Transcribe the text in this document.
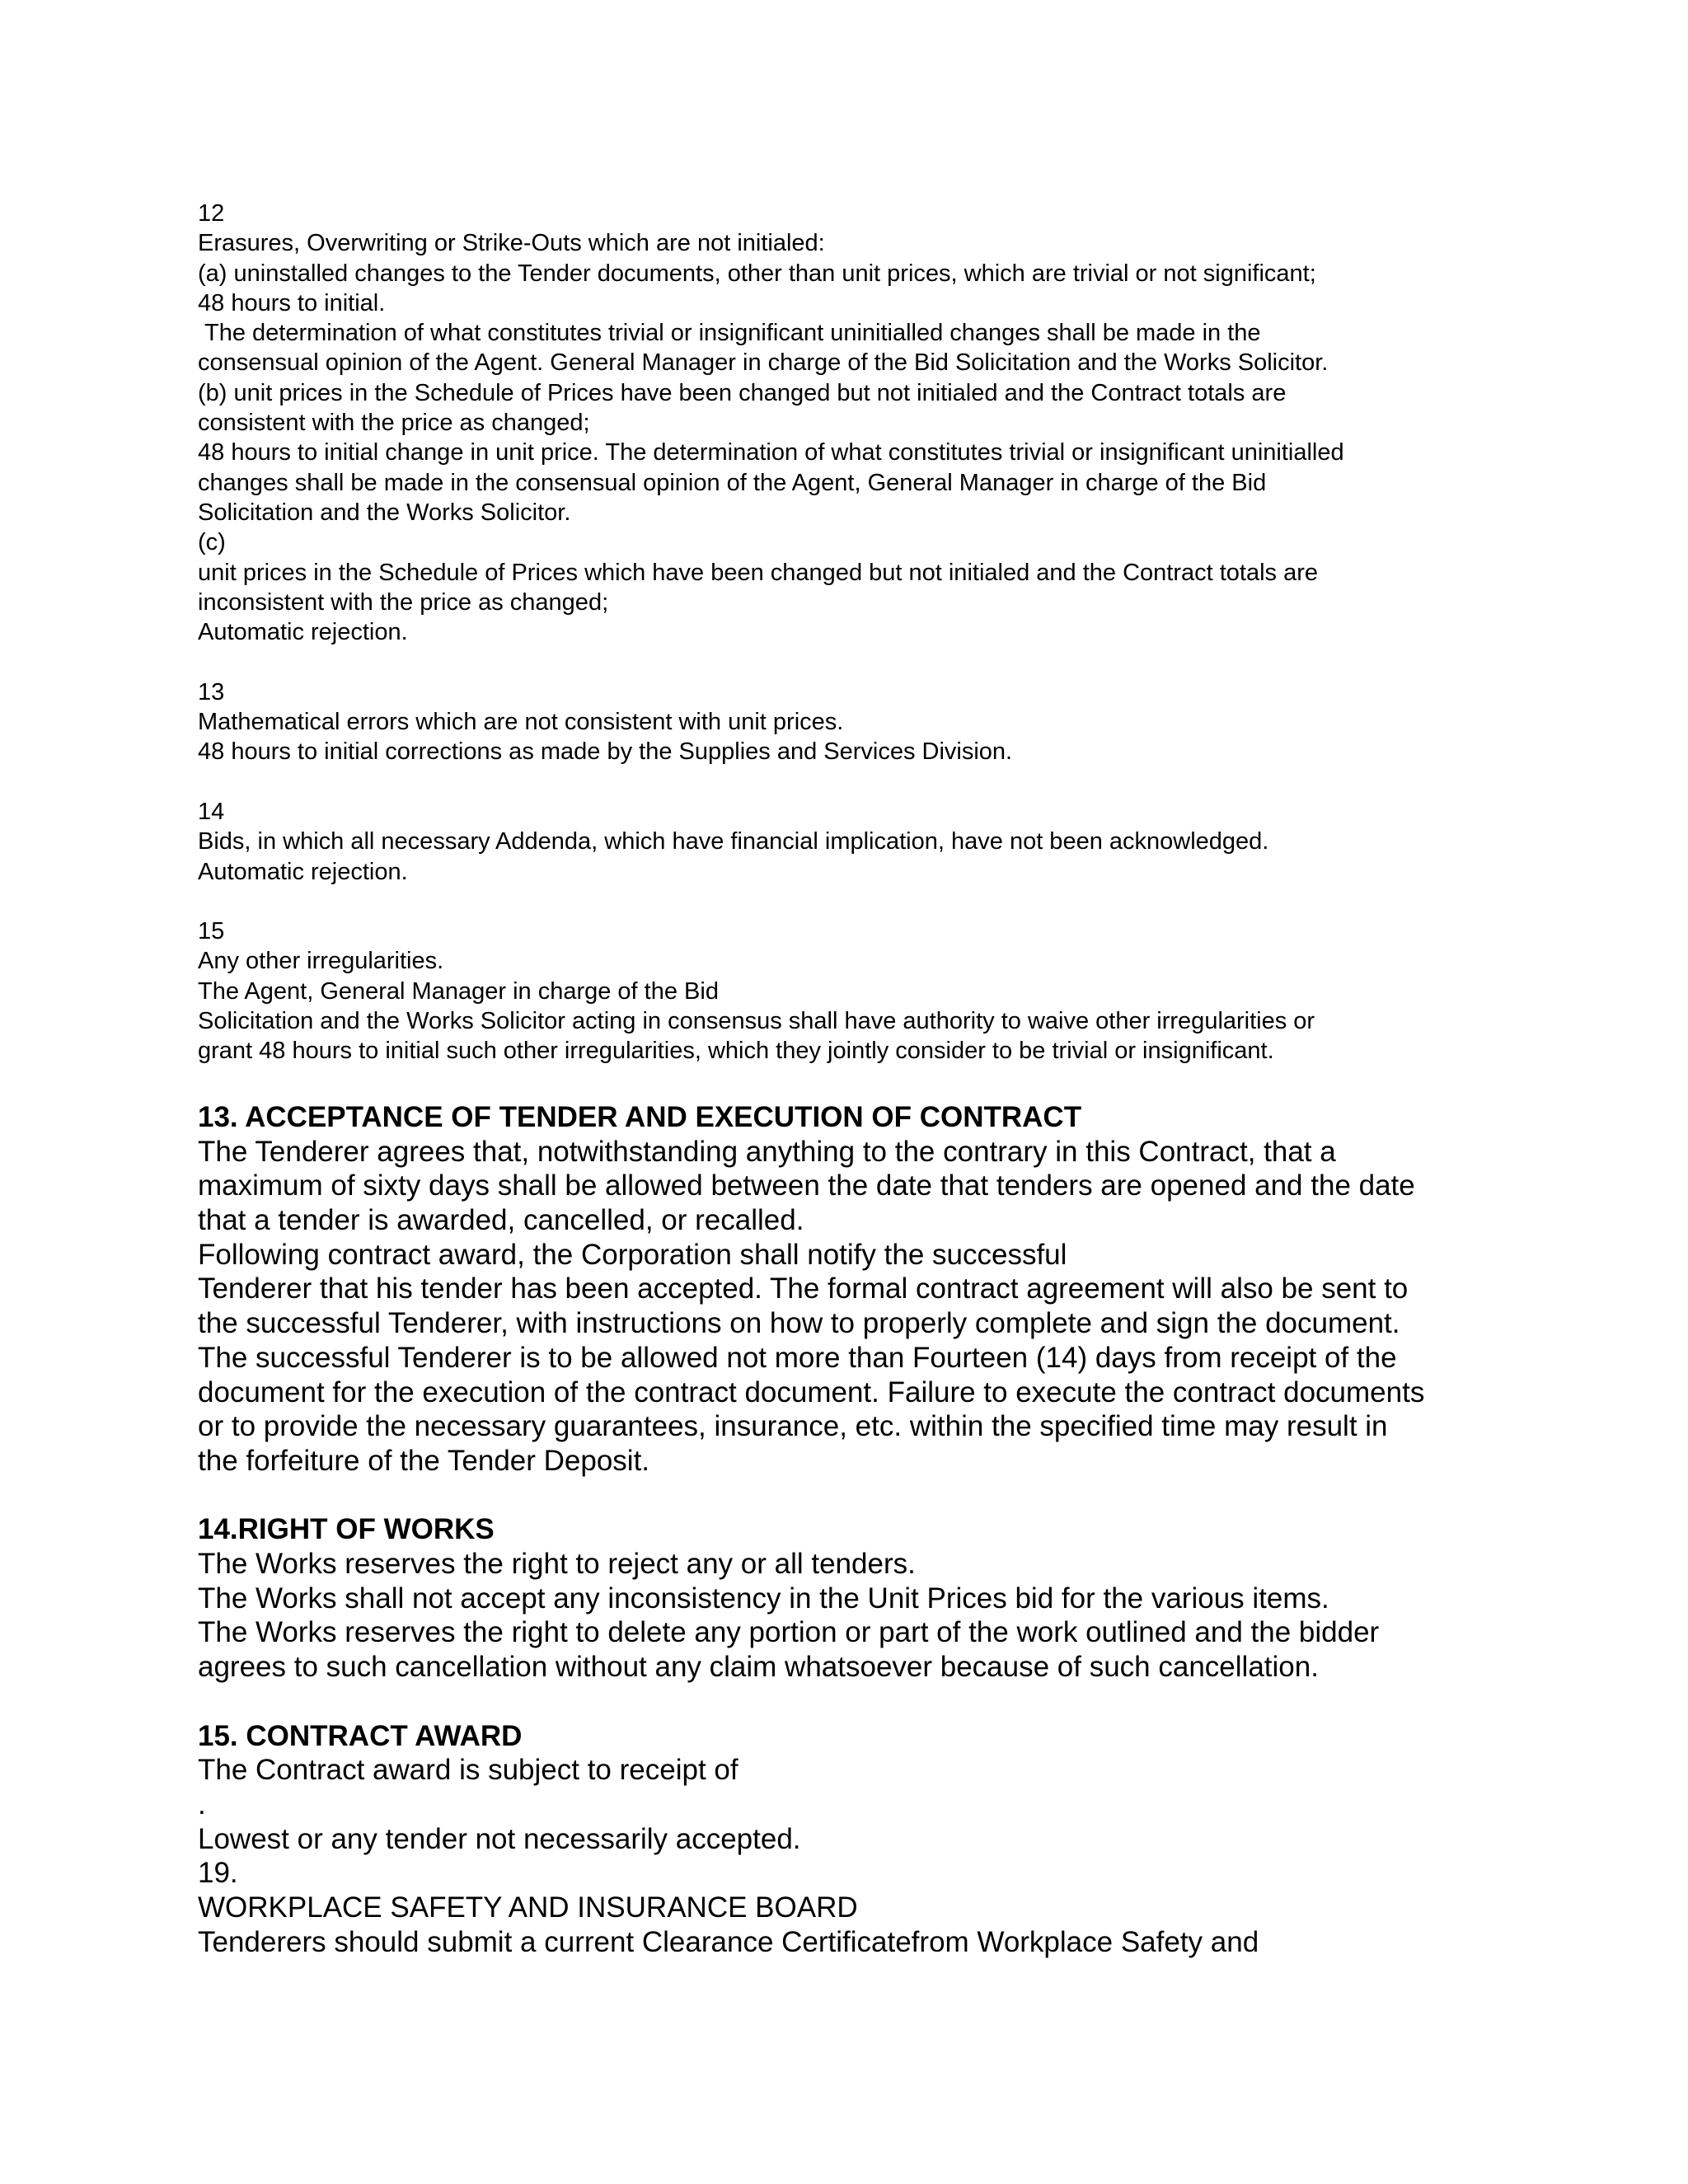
12
Erasures, Overwriting or Strike-Outs which are not initialed:
(a) uninstalled changes to the Tender documents, other than unit prices, which are trivial or not significant;
48 hours to initial.
The determination of what constitutes trivial or insignificant uninitialled changes shall be made in the
consensual opinion of the Agent. General Manager in charge of the Bid Solicitation and the Works Solicitor.
(b) unit prices in the Schedule of Prices have been changed but not initialed and the Contract totals are
consistent with the price as changed;
48 hours to initial change in unit price. The determination of what constitutes trivial or insignificant uninitialled
changes shall be made in the consensual opinion of the Agent, General Manager in charge of the Bid
Solicitation and the Works Solicitor.
(c)
unit prices in the Schedule of Prices which have been changed but not initialed and the Contract totals are
inconsistent with the price as changed;
Automatic rejection.
13
Mathematical errors which are not consistent with unit prices.
48 hours to initial corrections as made by the Supplies and Services Division.
14
Bids, in which all necessary Addenda, which have financial implication, have not been acknowledged.
Automatic rejection.
15
Any other irregularities.
The Agent, General Manager in charge of the Bid
Solicitation and the Works Solicitor acting in consensus shall have authority to waive other irregularities or
grant 48 hours to initial such other irregularities, which they jointly consider to be trivial or insignificant.
13. ACCEPTANCE OF TENDER AND EXECUTION OF CONTRACT
The Tenderer agrees that, notwithstanding anything to the contrary in this Contract, that a
maximum of sixty days shall be allowed between the date that tenders are opened and the date
that a tender is awarded, cancelled, or recalled.
Following contract award, the Corporation shall notify the successful
Tenderer that his tender has been accepted. The formal contract agreement will also be sent to
the successful Tenderer, with instructions on how to properly complete and sign the document.
The successful Tenderer is to be allowed not more than Fourteen (14) days from receipt of the
document for the execution of the contract document. Failure to execute the contract documents
or to provide the necessary guarantees, insurance, etc. within the specified time may result in
the forfeiture of the Tender Deposit.
14.RIGHT OF WORKS
The Works reserves the right to reject any or all tenders.
The Works shall not accept any inconsistency in the Unit Prices bid for the various items.
The Works reserves the right to delete any portion or part of the work outlined and the bidder
agrees to such cancellation without any claim whatsoever because of such cancellation.
15. CONTRACT AWARD
The Contract award is subject to receipt of
.
Lowest or any tender not necessarily accepted.
19.
WORKPLACE SAFETY AND INSURANCE BOARD
Tenderers should submit a current Clearance Certificatefrom Workplace Safety and
